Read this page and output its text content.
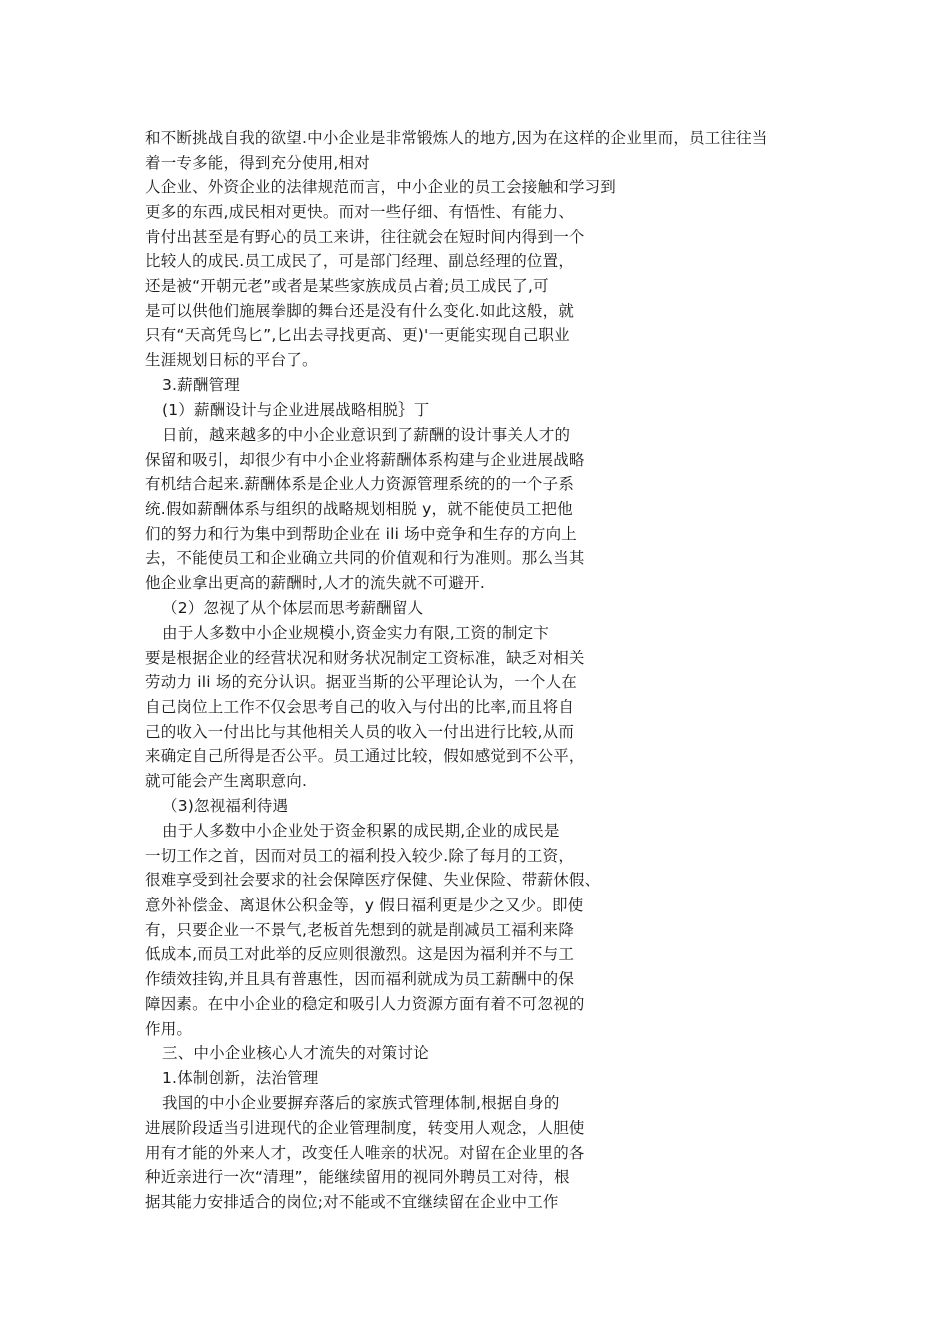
和不断挑战自我的欲望.中小企业是非常锻炼人的地方,因为在这样的企业里而，员工往往当
着一专多能，得到充分使用,相对
人企业、外资企业的法律规范而言，中小企业的员工会接触和学习到
更多的东西,成民相对更快。而对一些仔细、有悟性、有能力、
肯付出甚至是有野心的员工来讲，往往就会在短时间内得到一个
比较人的成民.员工成民了，可是部门经理、副总经理的位置，
还是被“开朝元老”或者是某些家族成员占着;员工成民了,可
是可以供他们施展拳脚的舞台还是没有什么变化.如此这般，就
只有“天高凭鸟匕”,匕出去寻找更高、更)'一更能实现自己职业
生涯规划日标的平台了。
3.薪酬管理
(1）薪酬设计与企业进展战略相脱｝丁
日前，越来越多的中小企业意识到了薪酬的设计事关人才的
保留和吸引，却很少有中小企业将薪酬体系构建与企业进展战略
有机结合起来.薪酬体系是企业人力资源管理系统的的一个子系
统.假如薪酬体系与组织的战略规划相脱 y，就不能使员工把他
们的努力和行为集中到帮助企业在 ili 场中竞争和生存的方向上
去，不能使员工和企业确立共同的价值观和行为准则。那么当其
他企业拿出更高的薪酬时,人才的流失就不可避开.
（2）忽视了从个体层而思考薪酬留人
由于人多数中小企业规模小,资金实力有限,工资的制定卞
要是根据企业的经营状况和财务状况制定工资标准，缺乏对相关
劳动力 ili 场的充分认识。据亚当斯的公平理论认为，一个人在
自己岗位上工作不仅会思考自己的收入与付出的比率,而且将自
己的收入一付出比与其他相关人员的收入一付出进行比较,从而
来确定自己所得是否公平。员工通过比较，假如感觉到不公平，
就可能会产生离职意向.
（3)忽视福利待遇
由于人多数中小企业处于资金积累的成民期,企业的成民是
一切工作之首，因而对员工的福利投入较少.除了每月的工资，
很难享受到社会要求的社会保障医疗保健、失业保险、带薪休假、
意外补偿金、离退休公积金等，y 假日福利更是少之又少。即使
有，只要企业一不景气,老板首先想到的就是削减员工福利来降
低成本,而员工对此举的反应则很激烈。这是因为福利并不与工
作绩效挂钩,并且具有普惠性，因而福利就成为员工薪酬中的保
障因素。在中小企业的稳定和吸引人力资源方面有着不可忽视的
作用。
三、中小企业核心人才流失的对策讨论
1.体制创新，法治管理
我国的中小企业要摒弃落后的家族式管理体制,根据自身的
进展阶段适当引进现代的企业管理制度，转变用人观念，人胆使
用有才能的外来人才，改变任人唯亲的状况。对留在企业里的各
种近亲进行一次“清理”，能继续留用的视同外聘员工对待，根
据其能力安排适合的岗位;对不能或不宜继续留在企业中工作
